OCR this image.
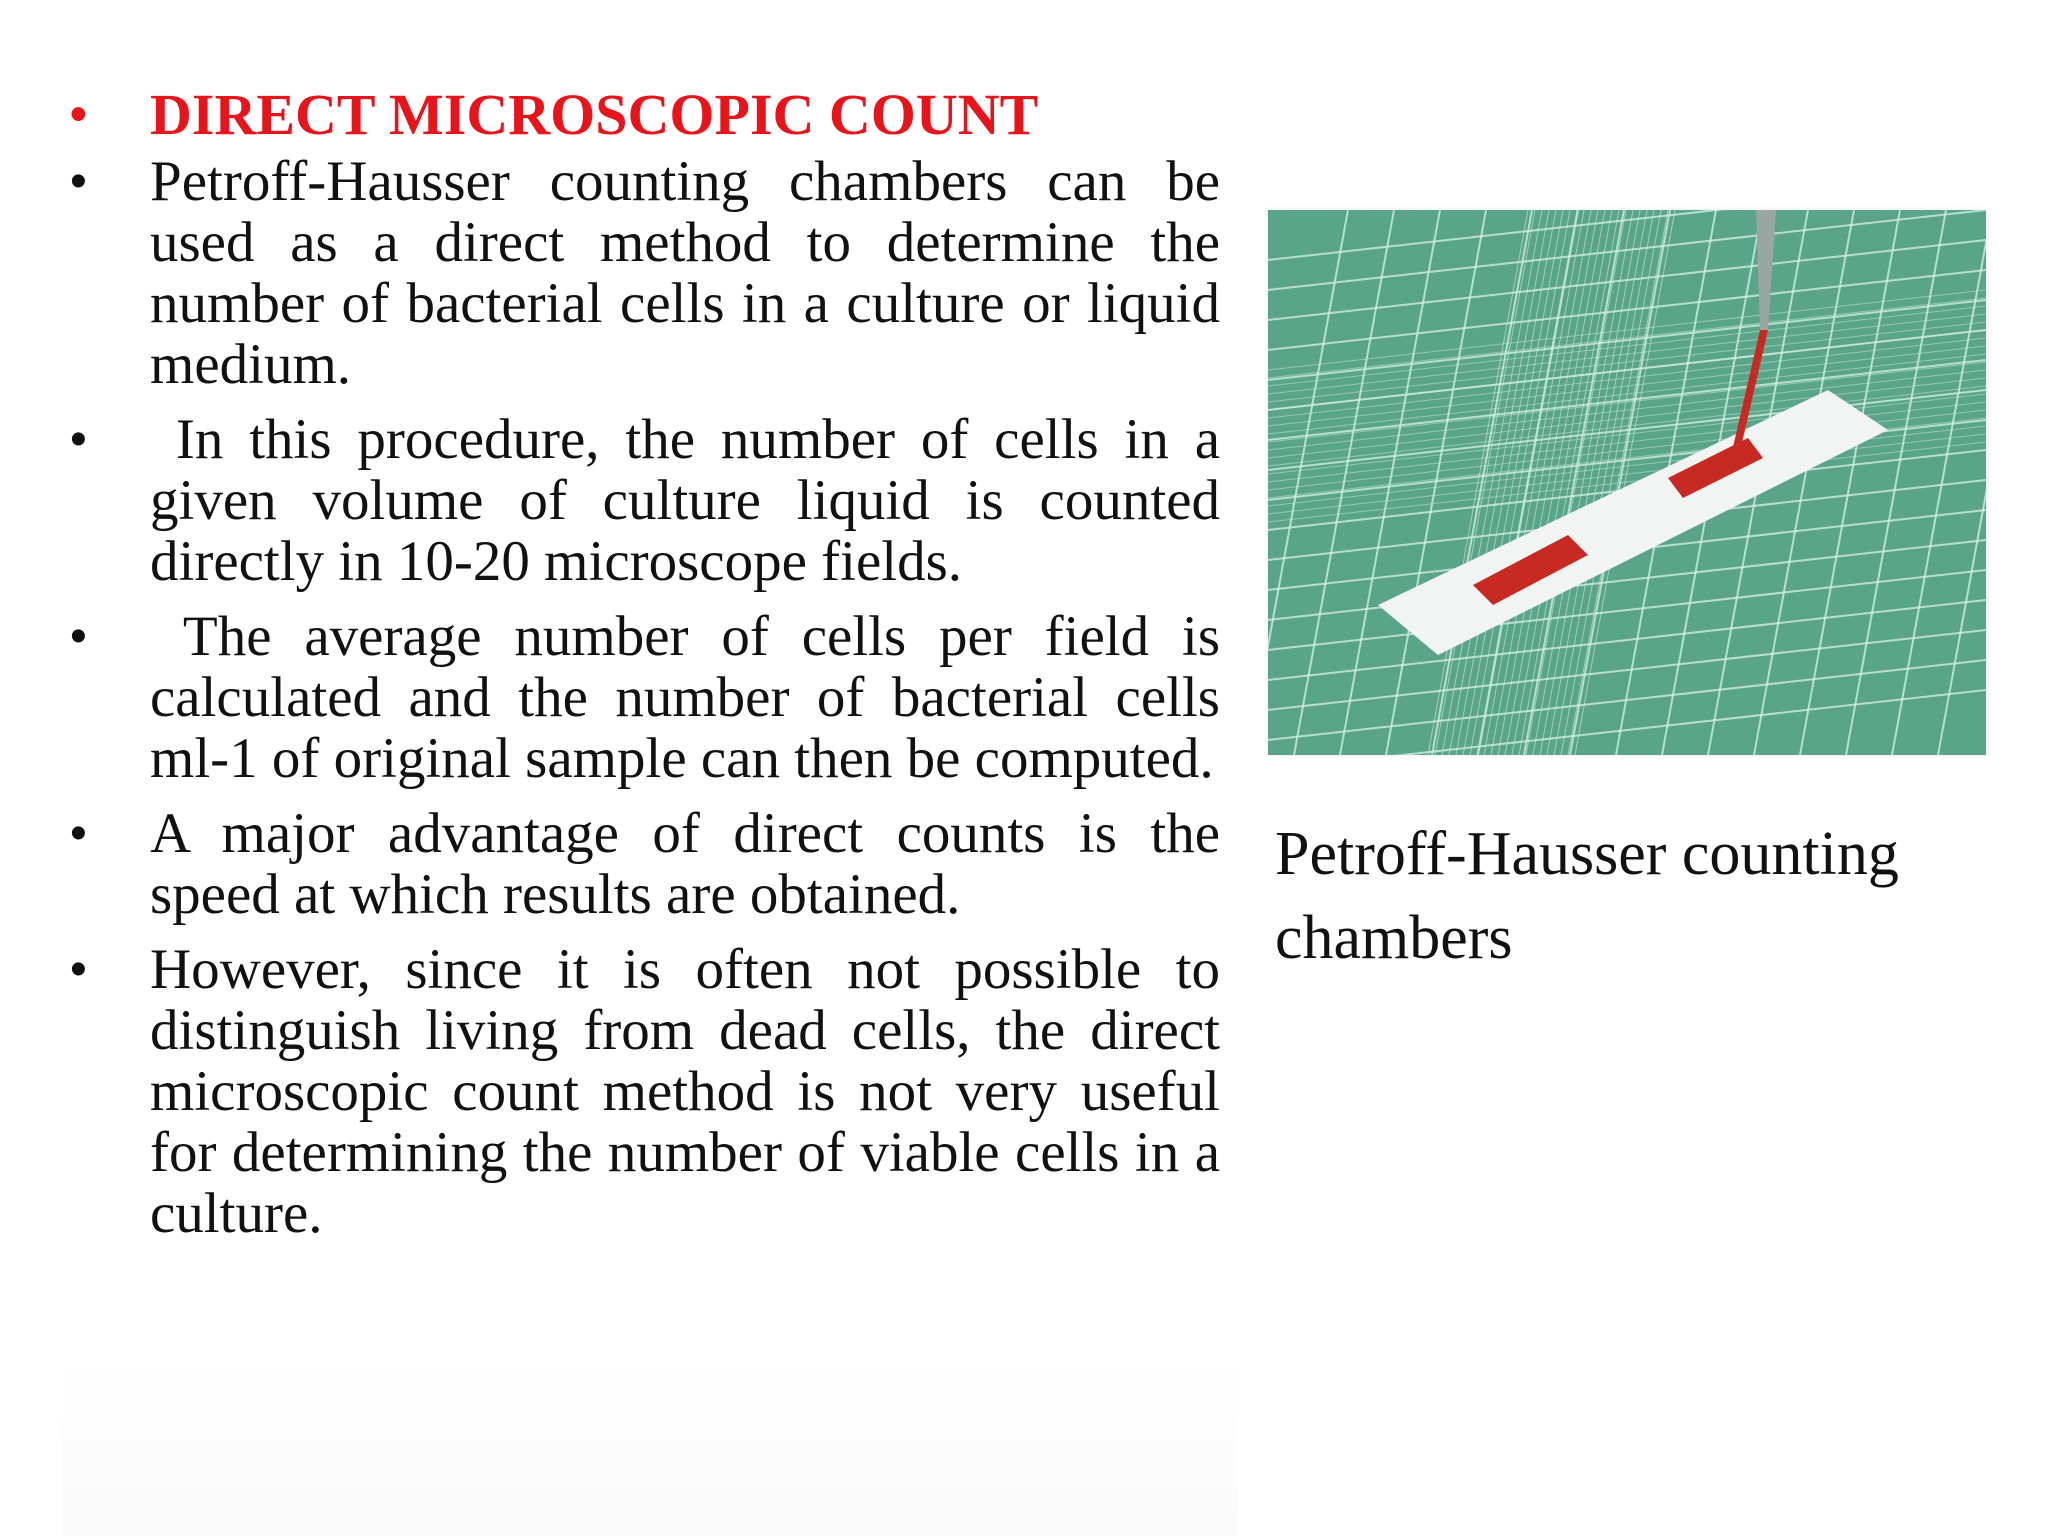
• DIRECT MICROSCOPIC COUNT
• Petroff-Hausser counting chambers can be used as a direct method to determine the number of bacterial cells in a culture or liquid medium.
• In this procedure, the number of cells in a given volume of culture liquid is counted directly in 10-20 microscope fields.
• The average number of cells per field is calculated and the number of bacterial cells ml-1 of original sample can then be computed.
• A major advantage of direct counts is the speed at which results are obtained.
• However, since it is often not possible to distinguish living from dead cells, the direct microscopic count method is not very useful for determining the number of viable cells in a culture.
Petroff-Hausser counting chambers
